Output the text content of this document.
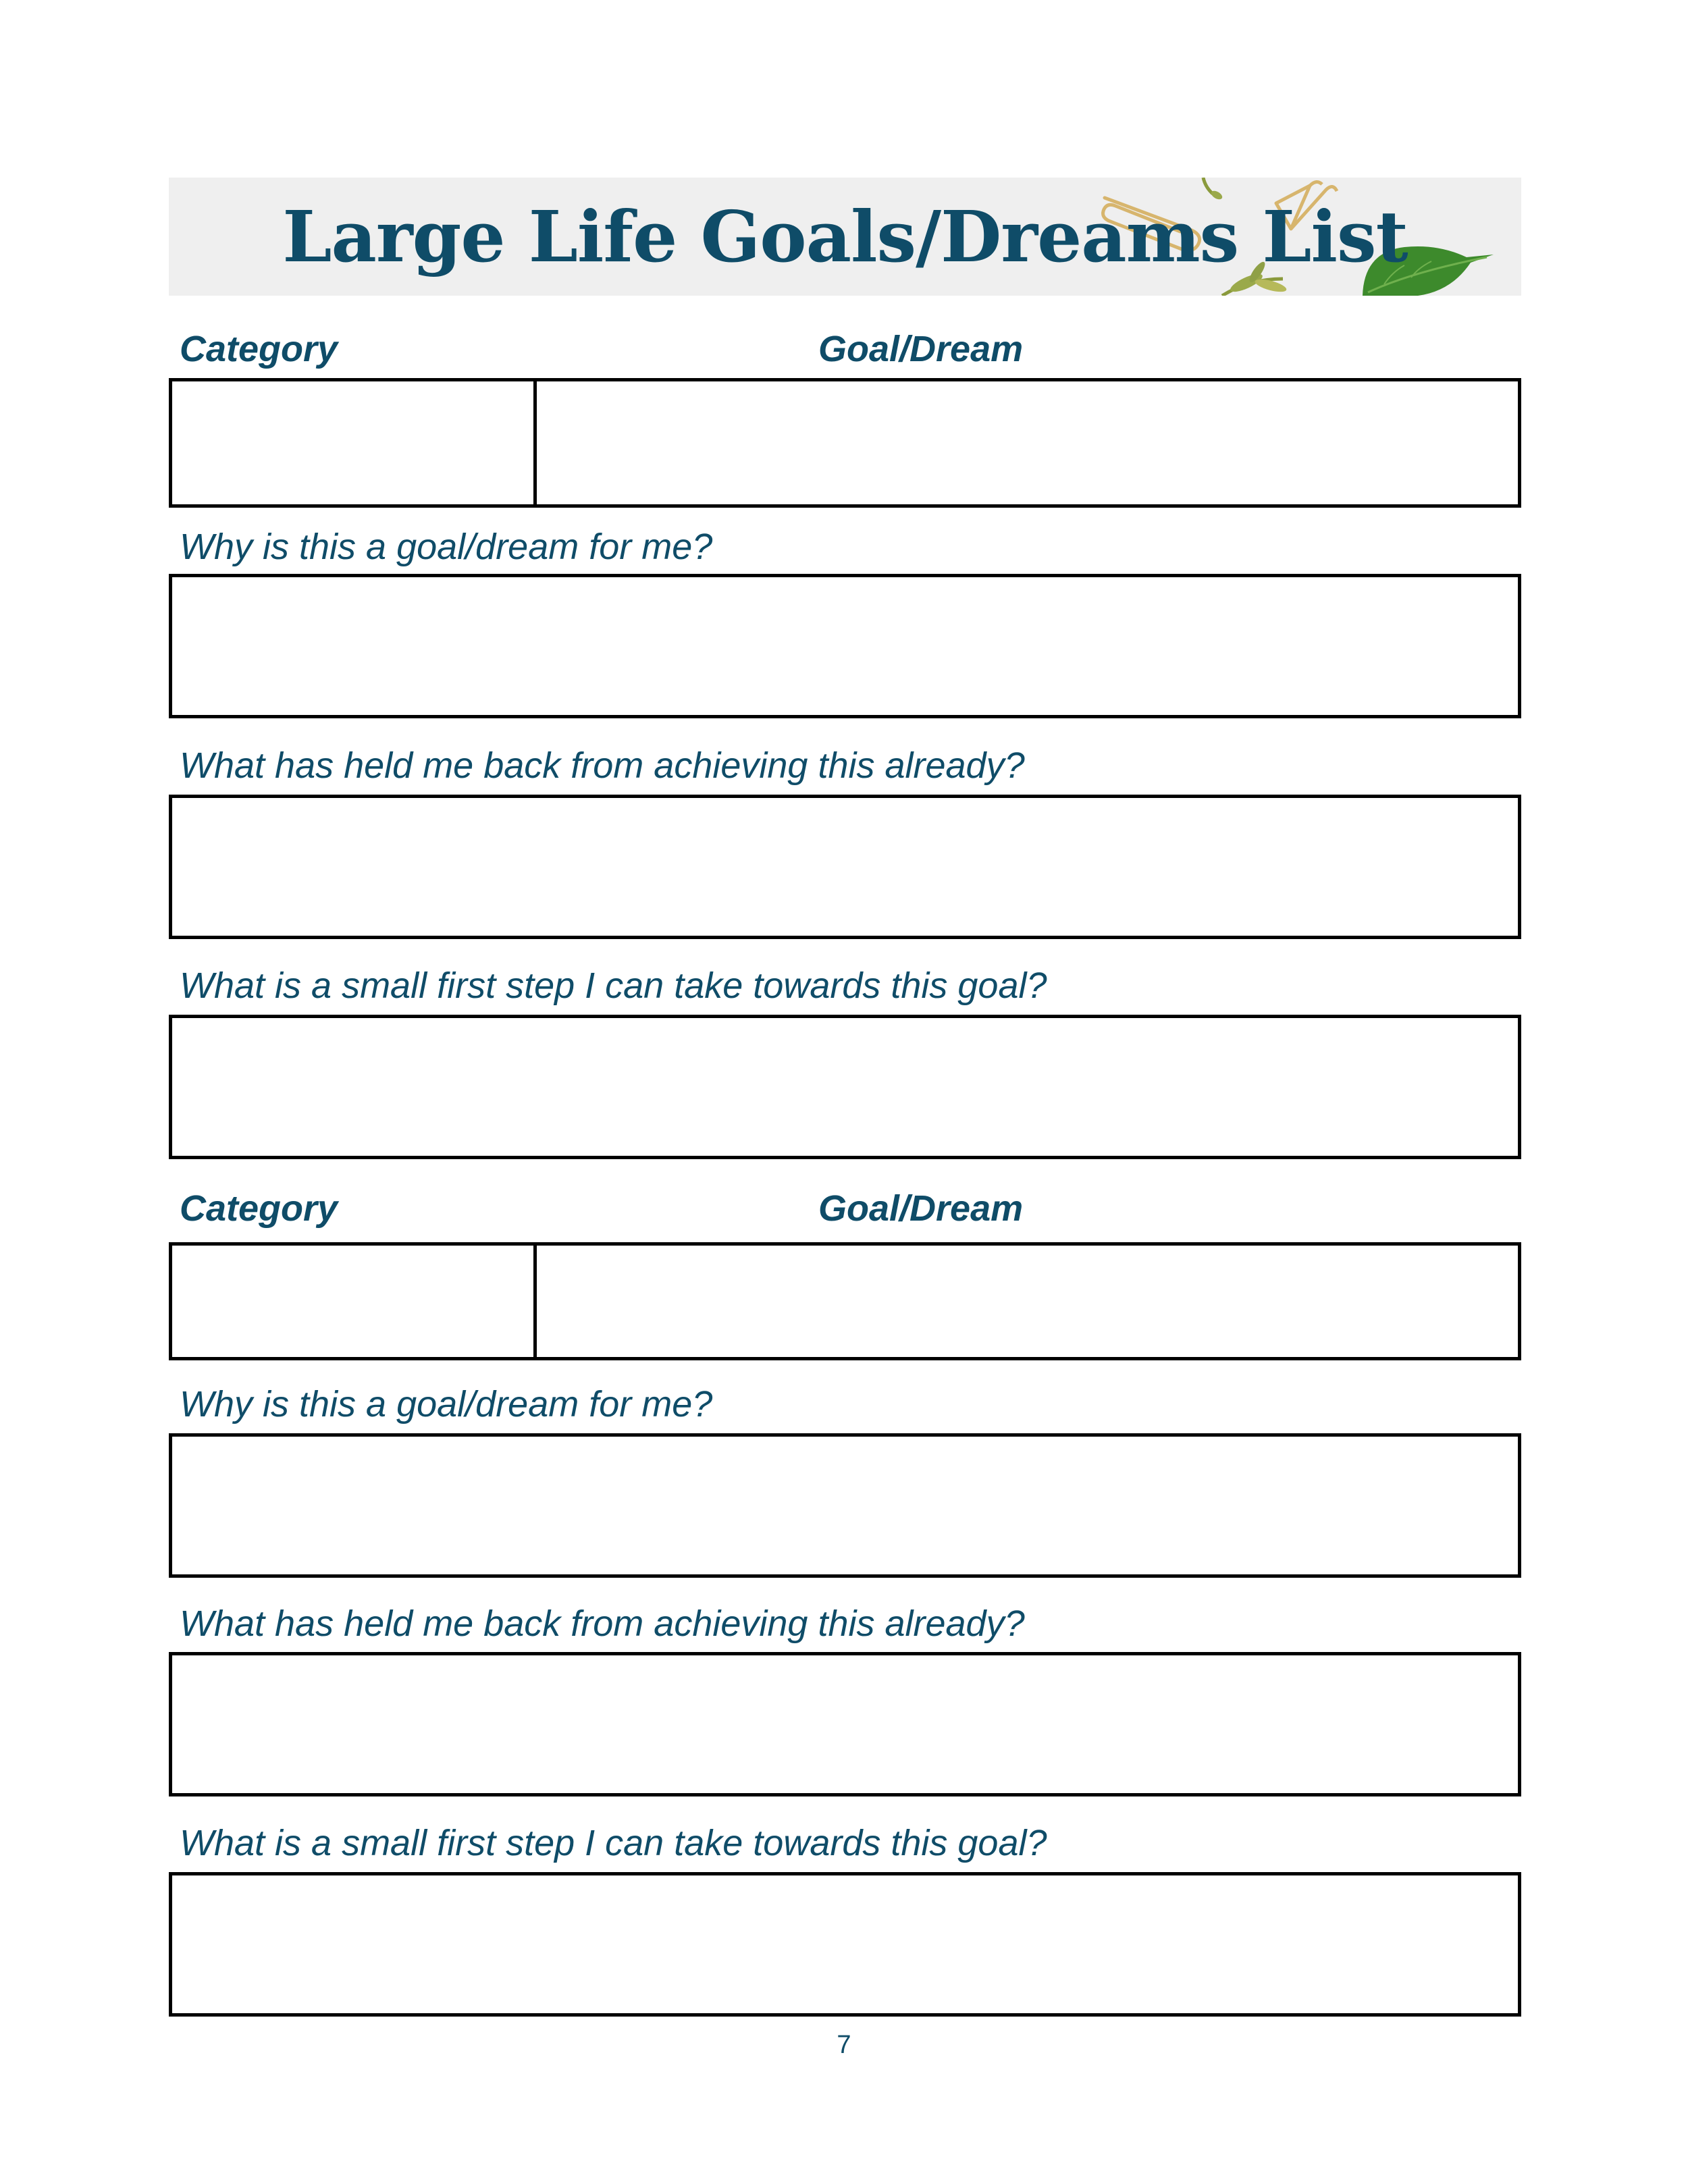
Large Life Goals/Dreams List
Category	Goal/Dream
Why is this a goal/dream for me?
What has held me back from achieving this already?
What is a small first step I can take towards this goal?
Category	Goal/Dream
Why is this a goal/dream for me?
What has held me back from achieving this already?
What is a small first step I can take towards this goal?
7
